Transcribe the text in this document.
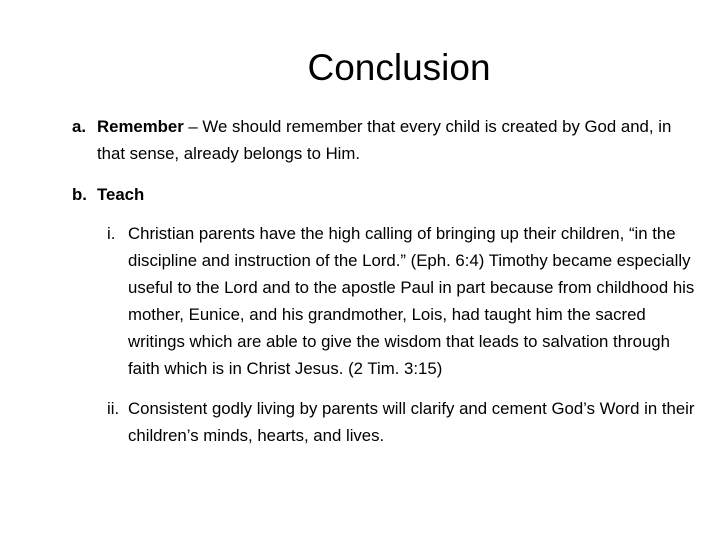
Conclusion
a. Remember – We should remember that every child is created by God and, in that sense, already belongs to Him.
b. Teach
i. Christian parents have the high calling of bringing up their children, “in the discipline and instruction of the Lord.” (Eph. 6:4) Timothy became especially useful to the Lord and to the apostle Paul in part because from childhood his mother, Eunice, and his grandmother, Lois, had taught him the sacred writings which are able to give the wisdom that leads to salvation through faith which is in Christ Jesus. (2 Tim. 3:15)
ii. Consistent godly living by parents will clarify and cement God’s Word in their children’s minds, hearts, and lives.
